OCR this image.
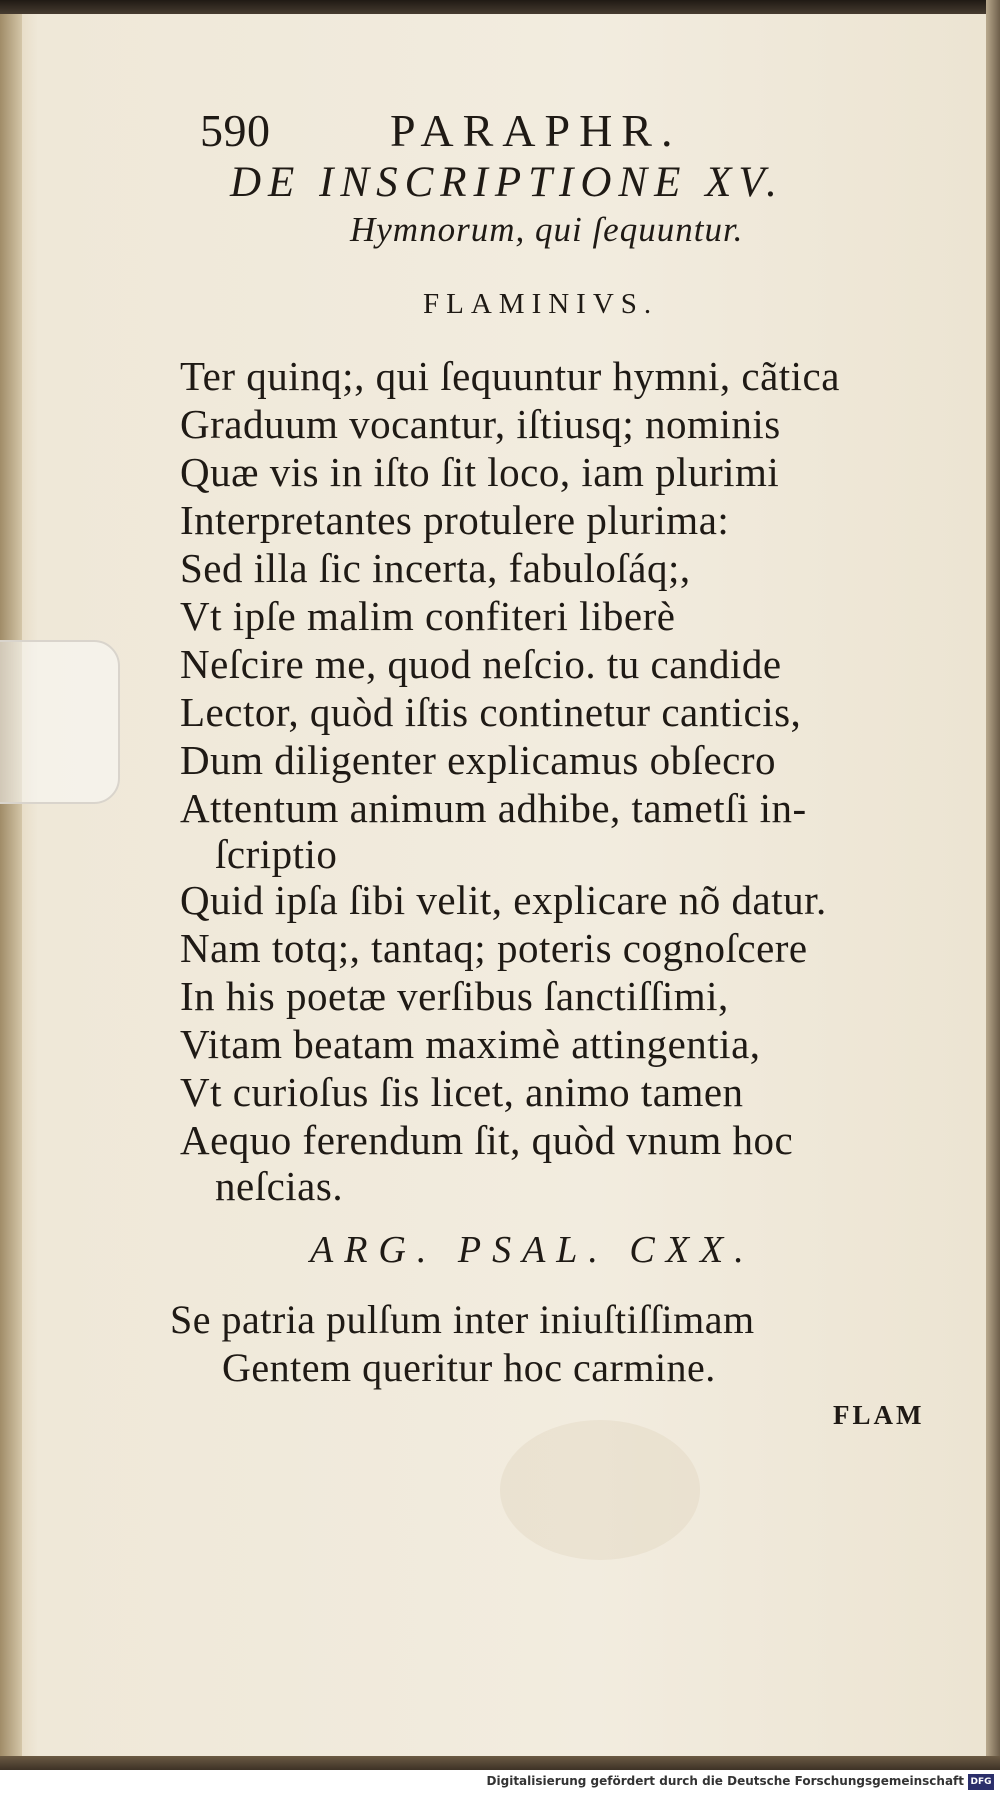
590	PARAPHR.
DE INSCRIPTIONE XV.
Hymnorum, qui ſequuntur.
FLAMINIVS.
Ter quinq;, qui ſequuntur hymni, cãtica
Graduum vocantur, iſtiusq; nominis
Quæ vis in iſto ſit loco, iam plurimi
Interpretantes protulere plurima:
Sed illa ſic incerta, fabuloſáq;,
Vt ipſe malim confiteri liberè
Neſcire me, quod neſcio. tu candide
Lector, quòd iſtis continetur canticis,
Dum diligenter explicamus obſecro
Attentum animum adhibe, tametſi in-
ſcriptio
Quid ipſa ſibi velit, explicare nõ datur.
Nam totq;, tantaq; poteris cognoſcere
In his poetæ verſibus ſanctiſſimi,
Vitam beatam maximè attingentia,
Vt curioſus ſis licet, animo tamen
Aequo ferendum ſit, quòd vnum hoc
neſcias.
ARG. PSAL. CXX.
Se patria pulſum inter iniuſtiſſimam
Gentem queritur hoc carmine.
FLAM
Digitalisierung gefördert durch die Deutsche Forschungsgemeinschaft DFG
